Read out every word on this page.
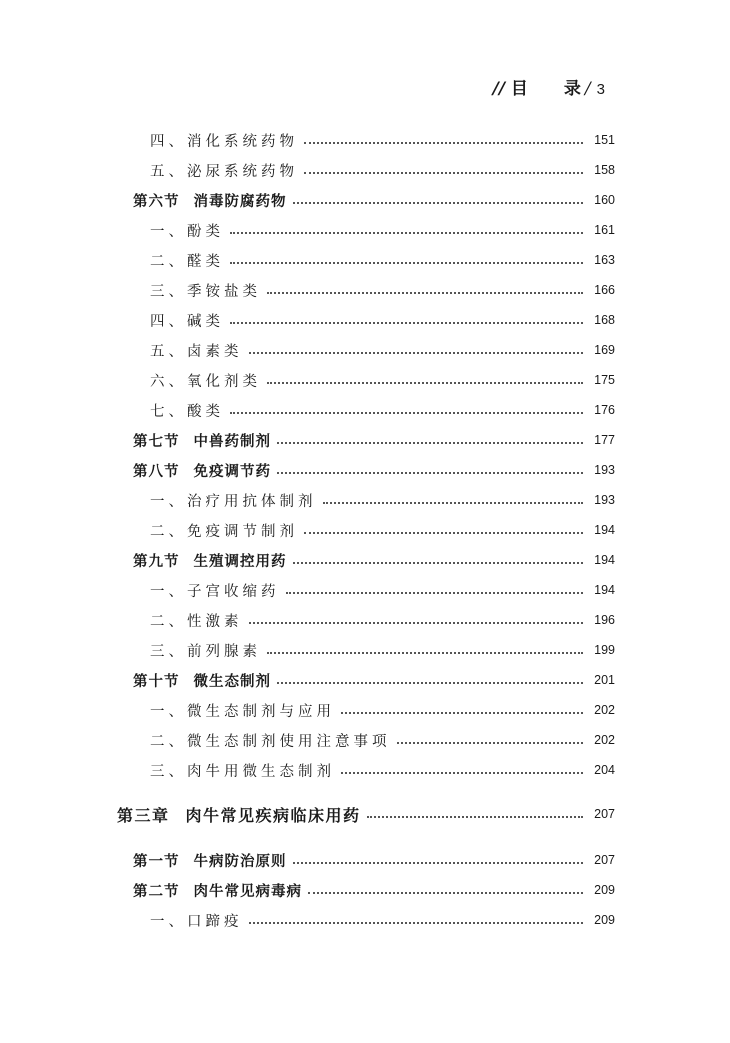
// 目 录 / 3
四、消化系统药物	151
五、泌尿系统药物	158
第六节 消毒防腐药物	160
一、酚类	161
二、醛类	163
三、季铵盐类	166
四、碱类	168
五、卤素类	169
六、氧化剂类	175
七、酸类	176
第七节 中兽药制剂	177
第八节 免疫调节药	193
一、治疗用抗体制剂	193
二、免疫调节制剂	194
第九节 生殖调控用药	194
一、子宫收缩药	194
二、性激素	196
三、前列腺素	199
第十节 微生态制剂	201
一、微生态制剂与应用	202
二、微生态制剂使用注意事项	202
三、肉牛用微生态制剂	204
第三章 肉牛常见疾病临床用药	207
第一节 牛病防治原则	207
第二节 肉牛常见病毒病	209
一、口蹄疫	209
